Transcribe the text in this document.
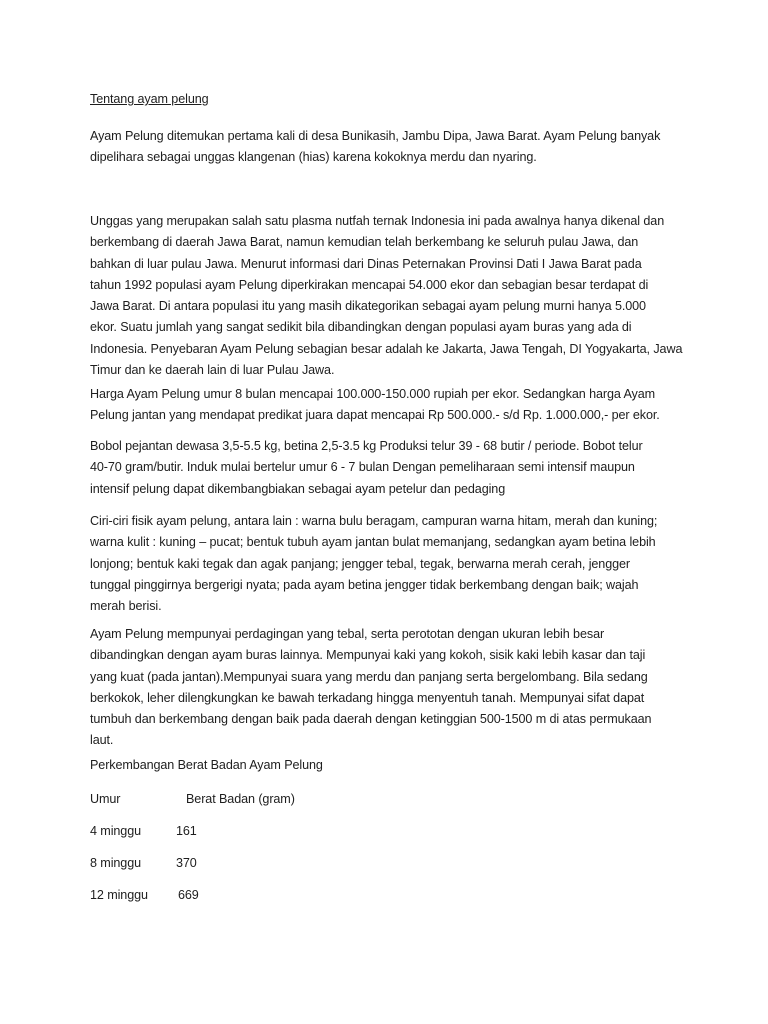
Tentang ayam pelung
Ayam Pelung ditemukan pertama kali di desa Bunikasih, Jambu Dipa, Jawa Barat. Ayam Pelung banyak
dipelihara sebagai unggas klangenan (hias) karena kokoknya merdu dan nyaring.
Unggas yang merupakan salah satu plasma nutfah ternak Indonesia ini pada awalnya hanya dikenal dan
berkembang di daerah Jawa Barat, namun kemudian telah berkembang ke seluruh pulau Jawa, dan
bahkan di luar pulau Jawa. Menurut informasi dari Dinas Peternakan Provinsi Dati I Jawa Barat pada
tahun 1992 populasi ayam Pelung diperkirakan mencapai 54.000 ekor dan sebagian besar terdapat di
Jawa Barat. Di antara populasi itu yang masih dikategorikan sebagai ayam pelung murni hanya 5.000
ekor. Suatu jumlah yang sangat sedikit bila dibandingkan dengan populasi ayam buras yang ada di
Indonesia. Penyebaran Ayam Pelung sebagian besar adalah ke Jakarta, Jawa Tengah, DI Yogyakarta, Jawa
Timur dan ke daerah lain di luar Pulau Jawa.
Harga Ayam Pelung umur 8 bulan mencapai 100.000-150.000 rupiah per ekor. Sedangkan harga Ayam
Pelung jantan yang mendapat predikat juara dapat mencapai Rp 500.000.- s/d Rp. 1.000.000,- per ekor.
Bobol pejantan dewasa 3,5-5.5 kg, betina 2,5-3.5 kg Produksi telur 39 - 68 butir / periode. Bobot telur
40-70 gram/butir. Induk mulai bertelur umur 6 - 7 bulan Dengan pemeliharaan semi intensif maupun
intensif pelung dapat dikembangbiakan sebagai ayam petelur dan pedaging
Ciri-ciri fisik ayam pelung, antara lain : warna bulu beragam, campuran warna hitam, merah dan kuning;
warna kulit : kuning – pucat; bentuk tubuh ayam jantan bulat memanjang, sedangkan ayam betina lebih
lonjong; bentuk kaki tegak dan agak panjang; jengger tebal, tegak, berwarna merah cerah, jengger
tunggal pinggirnya bergerigi nyata; pada ayam betina jengger tidak berkembang dengan baik; wajah
merah berisi.
Ayam Pelung mempunyai perdagingan yang tebal, serta perototan dengan ukuran lebih besar
dibandingkan dengan ayam buras lainnya. Mempunyai kaki yang kokoh, sisik kaki lebih kasar dan taji
yang kuat (pada jantan).Mempunyai suara yang merdu dan panjang serta bergelombang. Bila sedang
berkokok, leher dilengkungkan ke bawah terkadang hingga menyentuh tanah. Mempunyai sifat dapat
tumbuh dan berkembang dengan baik pada daerah dengan ketinggian 500-1500 m di atas permukaan
laut.
Perkembangan Berat Badan Ayam Pelung
Umur	Berat Badan (gram)
4 minggu	161
8 minggu	370
12 minggu 669
